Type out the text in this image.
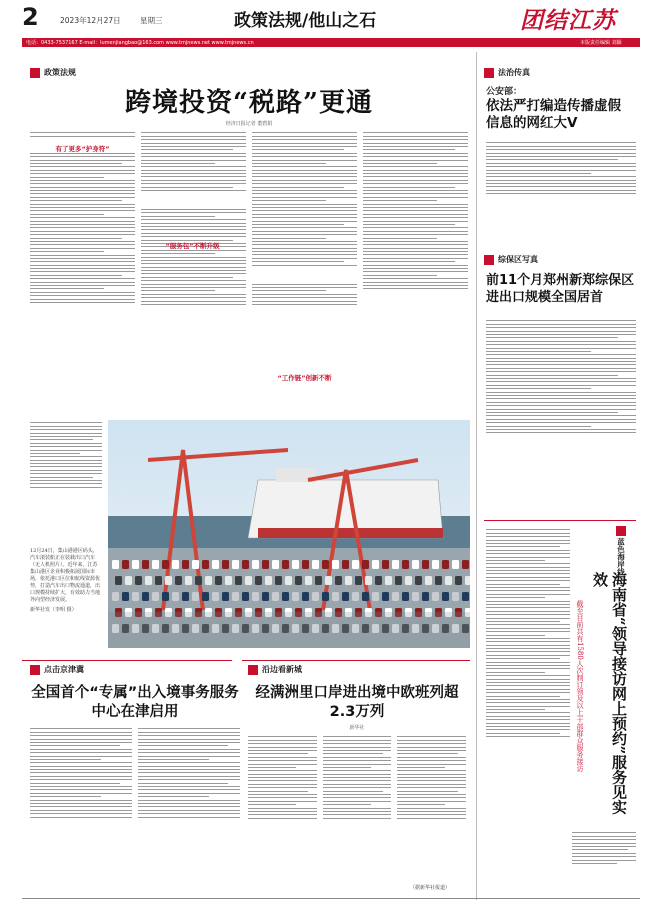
2	2023年12月27日	星期三	政策法规/他山之石	团结江苏
电话：0433-7537167 E-mail：lumenjiangbao@163.com www.tmjnews.net www.tmjnews.cn	本版责任编辑 刘颖
政策法规
跨境投资“税路”更通
经济日报记者 董碧娟
有了更多“护身符”
“服务包”不断升级
“工作链”创新不断
12月24日，集山港港区码头，汽车滚装船正在装载出口汽车（无人机照片）。近年来，江苏集山港区企业积极拓展国际市场，依托港口区位和航线资源优势，打造汽车出口物流通道，出口规模持续扩大，有效助力当地外向型经济发展。
新华社发（李明 摄）
点击京津冀
全国首个“专属”出入境事务服务中心在津启用
沿边看新城
经满洲里口岸进出境中欧班列超2.3万列
新华社
（据新华社报道）
法治传真
公安部：
依法严打编造传播虚假信息的网红大V
综保区写真
前11个月郑州新郑综保区进出口规模全国居首
蓝色海岸线
海南省“领导接访网上预约”服务见实效
截至目前共有1580人次制订领及以上干部群众服务接访
